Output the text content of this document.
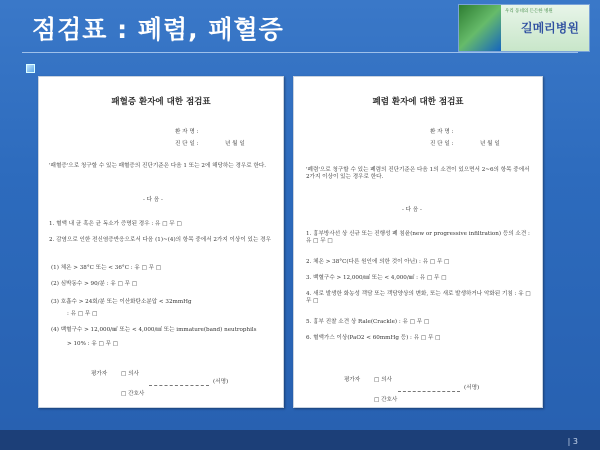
점검표 : 폐렴, 패혈증
우리 동네의 든든한 병원
길메리병원
패혈증 환자에 대한 점검표
환 자 명 :
진 단 일 :	년 월 일
'패혈증'으로 청구할 수 있는 패혈증의 진단기준은 다음 1 또는 2에 해당하는 경우로 한다.
- 다 음 -
1. 혈액 내 균 혹은 균 독소가 증명된 경우 : 유 □ 무 □
2. 감염으로 인한 전신염증반응으로서 다음 (1)~(4)의 항목 중에서 2가지 이상이 있는 경우
(1) 체온 > 38°C 또는 < 36°C : 유 □ 무 □
(2) 심박동수 > 90/분 : 유 □ 무 □
(3) 호흡수 > 24회/분 또는 이산화탄소분압 < 32mmHg
: 유 □ 무 □
(4) 백혈구수 > 12,000/㎣ 또는 < 4,000/㎣ 또는 immature(band) neutrophils
> 10% : 유 □ 무 □
평가자 □ 의사
(서명)
□ 간호사
폐렴 환자에 대한 점검표
환 자 명 :
진 단 일 :	년 월 일
'폐렴'으로 청구할 수 있는 폐렴의 진단기준은 다음 1의 소견이 있으면서 2~6의 항목 중에서 2가지 이상이 있는 경우로 한다.
- 다 음 -
1. 흉부방사선 상 신규 또는 진행성 폐 침윤(new or progressive infiltration) 등의 소견 : 유 □ 무 □
2. 체온 > 38°C(다른 원인에 의한 것이 아닌) : 유 □ 무 □
3. 백혈구수 > 12,000/㎣ 또는 < 4,000/㎣ : 유 □ 무 □
4. 새로 발생한 화농성 객담 또는 객담양상의 변화, 또는 새로 발생하거나 악화된 기침 : 유 □ 무 □
5. 흉부 진찰 소견 상 Rale(Crackle) : 유 □ 무 □
6. 혈액가스 이상(PaO2 < 60mmHg 등) : 유 □ 무 □
평가자 □ 의사
(서명)
□ 간호사
| 3
